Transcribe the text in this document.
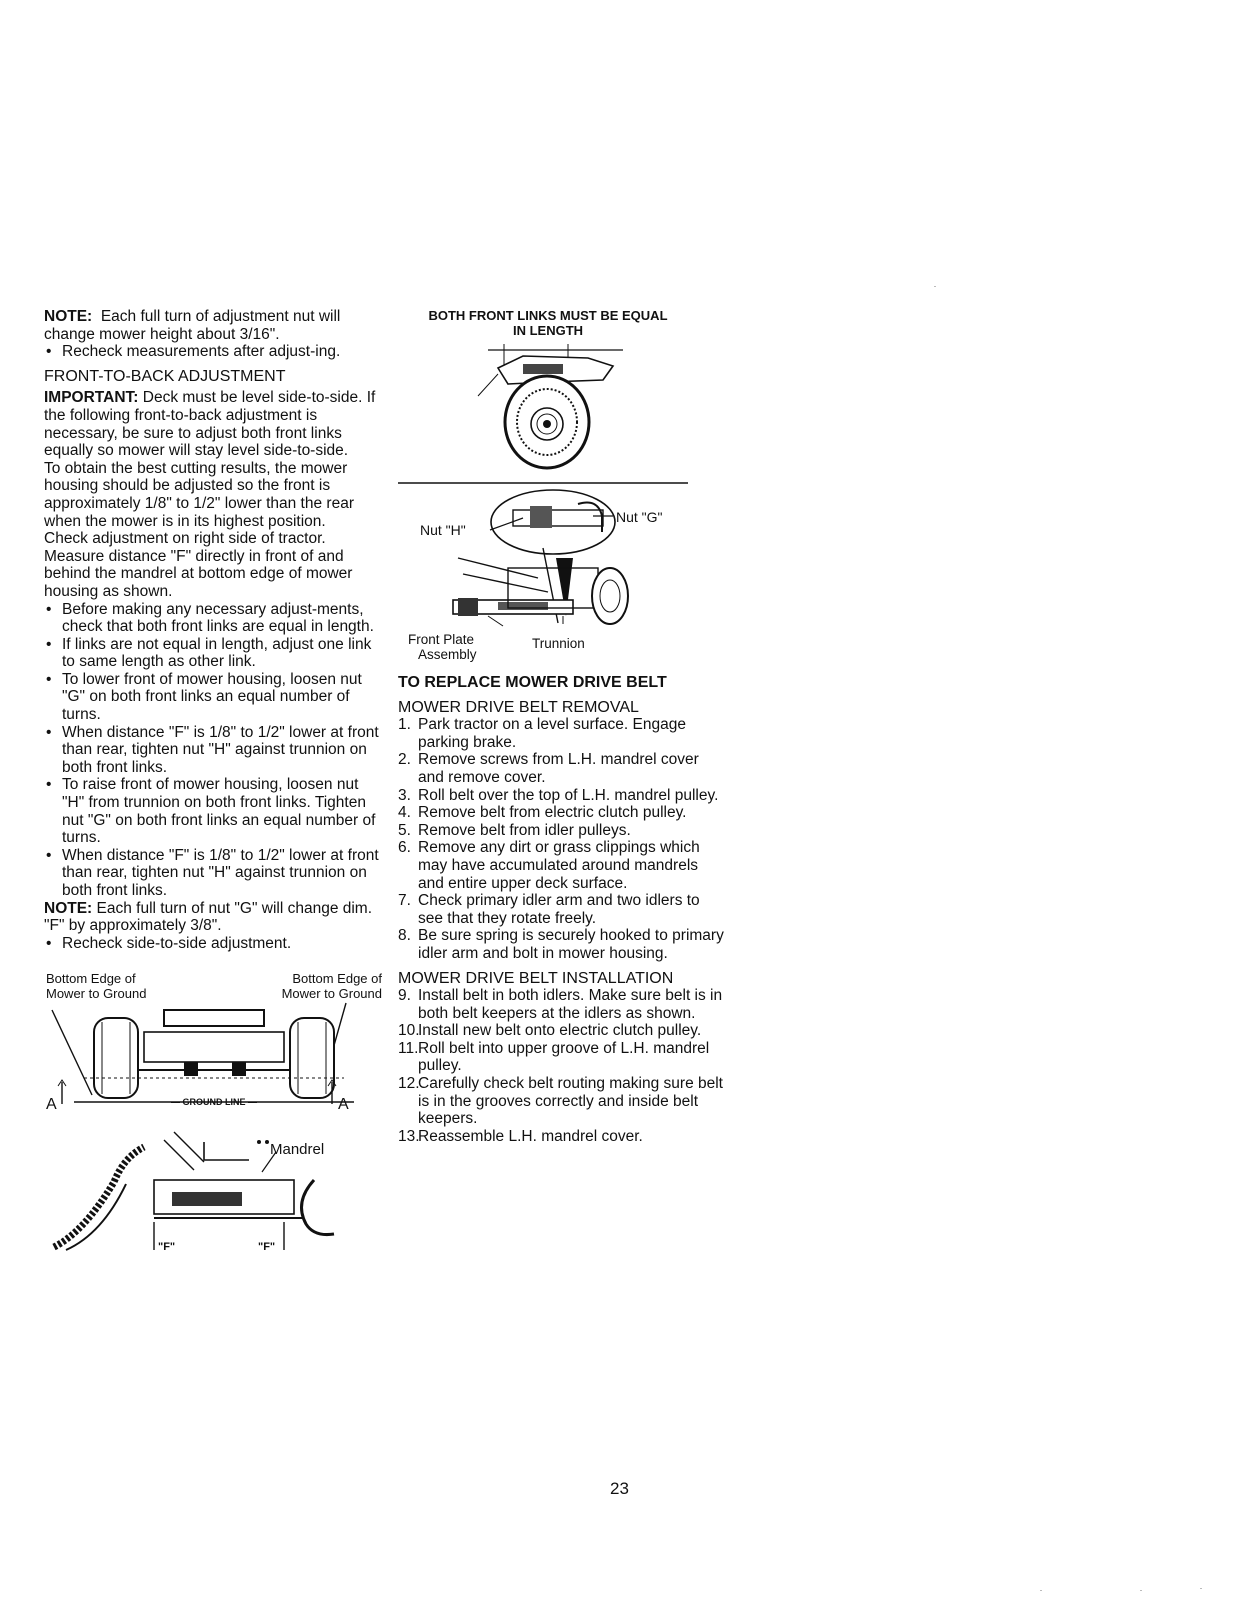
NOTE: Each full turn of adjustment nut will change mower height about 3/16".

• Recheck measurements after adjust-ing.

FRONT-TO-BACK ADJUSTMENT

IMPORTANT: Deck must be level side-to-side. If the following front-to-back adjustment is necessary, be sure to adjust both front links equally so mower will stay level side-to-side.

To obtain the best cutting results, the mower housing should be adjusted so the front is approximately 1/8" to 1/2" lower than the rear when the mower is in its highest position.

Check adjustment on right side of tractor. Measure distance "F" directly in front of and behind the mandrel at bottom edge of mower housing as shown.

• Before making any necessary adjust-ments, check that both front links are equal in length.
• If links are not equal in length, adjust one link to same length as other link.
• To lower front of mower housing, loosen nut "G" on both front links an equal number of turns.
• When distance "F" is 1/8" to 1/2" lower at front than rear, tighten nut "H" against trunnion on both front links.
• To raise front of mower housing, loosen nut "H" from trunnion on both front links. Tighten nut "G" on both front links an equal number of turns.
• When distance "F" is 1/8" to 1/2" lower at front than rear, tighten nut "H" against trunnion on both front links.

NOTE: Each full turn of nut "G" will change dim. "F" by approximately 3/8".

• Recheck side-to-side adjustment.
Bottom Edge of
Mower to Ground
Bottom Edge of
Mower to Ground
— GROUND LINE —
A	A
Mandrel
"F"	"F"
BOTH FRONT LINKS MUST BE EQUAL
IN LENGTH
Nut "H"
Nut "G"
Front Plate
Assembly
Trunnion

TO REPLACE MOWER DRIVE BELT

MOWER DRIVE BELT REMOVAL

1. Park tractor on a level surface. Engage parking brake.
2. Remove screws from L.H. mandrel cover and remove cover.
3. Roll belt over the top of L.H. mandrel pulley.
4. Remove belt from electric clutch pulley.
5. Remove belt from idler pulleys.
6. Remove any dirt or grass clippings which may have accumulated around mandrels and entire upper deck surface.
7. Check primary idler arm and two idlers to see that they rotate freely.
8. Be sure spring is securely hooked to primary idler arm and bolt in mower housing.

MOWER DRIVE BELT INSTALLATION

9. Install belt in both idlers. Make sure belt is in both belt keepers at the idlers as shown.
10.
Install new belt onto electric clutch pulley.
11. Roll belt into upper groove of L.H. mandrel pulley.
12.
Carefully check belt routing making sure belt is in the grooves correctly and inside belt keepers.
13.
Reassemble L.H. mandrel cover.
23
